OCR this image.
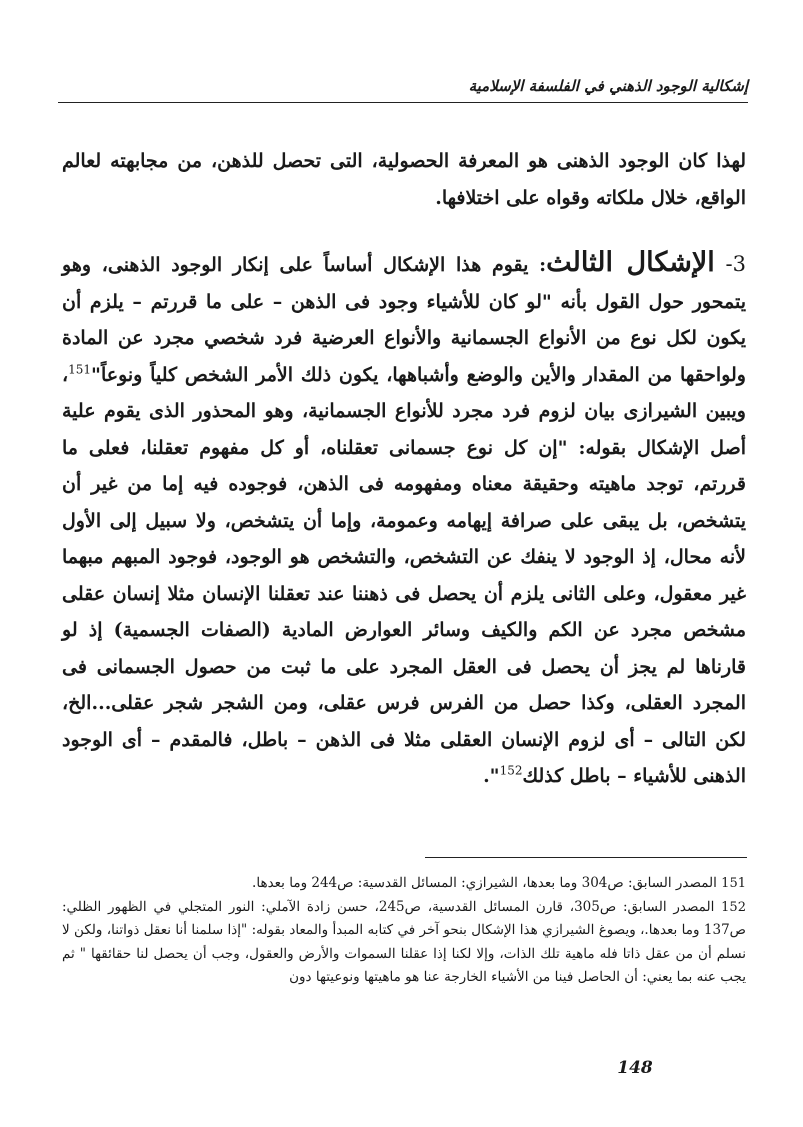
إشكالية الوجود الذهني في الفلسفة الإسلامية

لهذا كان الوجود الذهنى هو المعرفة الحصولية، التى تحصل للذهن، من مجابهته لعالم الواقع، خلال ملكاته وقواه على اختلافها.

3- الإشكال الثالث: يقوم هذا الإشكال أساساً على إنكار الوجود الذهنى، وهو يتمحور حول القول بأنه "لو كان للأشياء وجود فى الذهن – على ما قررتم – يلزم أن يكون لكل نوع من الأنواع الجسمانية والأنواع العرضية فرد شخصي مجرد عن المادة ولواحقها من المقدار والأين والوضع وأشباهها، يكون ذلك الأمر الشخص كلياً ونوعاً"$^{151}$، ويبين الشيرازى بيان لزوم فرد مجرد للأنواع الجسمانية، وهو المحذور الذى يقوم علية أصل الإشكال بقوله: "إن كل نوع جسمانى تعقلناه، أو كل مفهوم تعقلنا، فعلى ما قررتم، توجد ماهيته وحقيقة معناه ومفهومه فى الذهن، فوجوده فيه إما من غير أن يتشخص، بل يبقى على صرافة إيهامه وعمومة، وإما أن يتشخص، ولا سبيل إلى الأول لأنه محال، إذ الوجود لا ينفك عن التشخص، والتشخص هو الوجود، فوجود المبهم مبهما غير معقول، وعلى الثانى يلزم أن يحصل فى ذهننا عند تعقلنا الإنسان مثلا إنسان عقلى مشخص مجرد عن الكم والكيف وسائر العوارض المادية (الصفات الجسمية) إذ لو قارناها لم يجز أن يحصل فى العقل المجرد على ما ثبت من حصول الجسمانى فى المجرد العقلى، وكذا حصل من الفرس فرس عقلى، ومن الشجر شجر عقلى...الخ، لكن التالى – أى لزوم الإنسان العقلى مثلا فى الذهن – باطل، فالمقدم – أى الوجود الذهنى للأشياء – باطل كذلك$^{152}$".

151 المصدر السابق: ص304 وما بعدها، الشيرازي: المسائل القدسية: ص244 وما بعدها.

152 المصدر السابق: ص305، قارن المسائل القدسية، ص245، حسن زادة الآملي: النور المتجلي في الظهور الظلي: ص137 وما بعدها.، ويصوغ الشيرازي هذا الإشكال بنحو آخر في كتابه المبدأ والمعاد بقوله: "إذا سلمنا أنا نعقل ذواتنا، ولكن لا نسلم أن من عقل ذاتا فله ماهية تلك الذات، وإلا لكنا إذا عقلنا السموات والأرض والعقول، وجب أن يحصل لنا حقائقها " ثم يجب عنه بما يعني: أن الحاصل فينا من الأشياء الخارجة عنا هو ماهيتها ونوعيتها دون

148
